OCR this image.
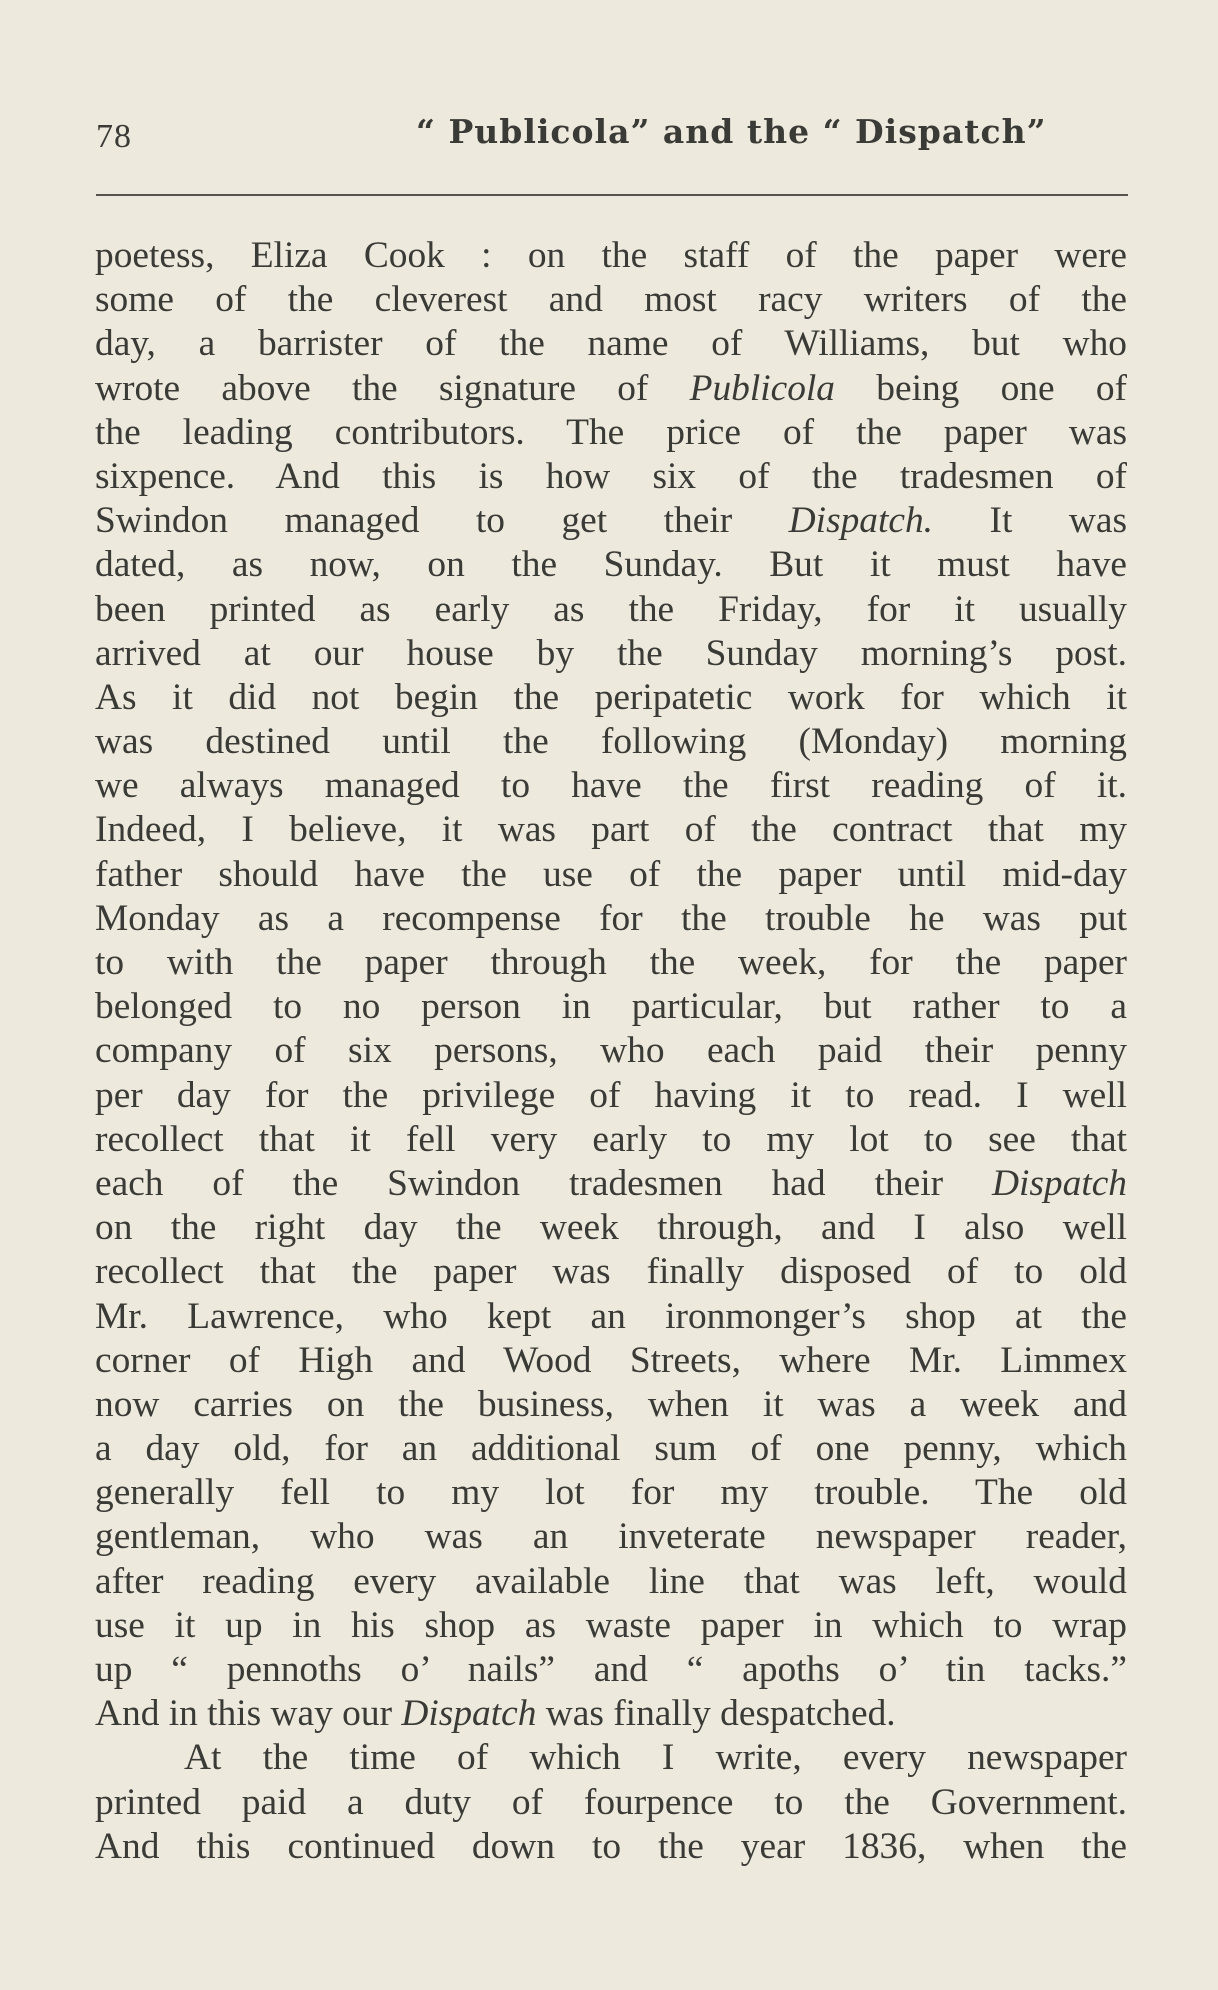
78	“ Publicola” and the “ Dispatch”
poetess, Eliza Cook : on the staff of the paper were
some of the cleverest and most racy writers of the
day, a barrister of the name of Williams, but who
wrote above the signature of Publicola being one of
the leading contributors. The price of the paper was
sixpence. And this is how six of the tradesmen of
Swindon managed to get their Dispatch. It was
dated, as now, on the Sunday. But it must have
been printed as early as the Friday, for it usually
arrived at our house by the Sunday morning’s post.
As it did not begin the peripatetic work for which it
was destined until the following (Monday) morning
we always managed to have the first reading of it.
Indeed, I believe, it was part of the contract that my
father should have the use of the paper until mid-day
Monday as a recompense for the trouble he was put
to with the paper through the week, for the paper
belonged to no person in particular, but rather to a
company of six persons, who each paid their penny
per day for the privilege of having it to read. I well
recollect that it fell very early to my lot to see that
each of the Swindon tradesmen had their Dispatch
on the right day the week through, and I also well
recollect that the paper was finally disposed of to old
Mr. Lawrence, who kept an ironmonger’s shop at the
corner of High and Wood Streets, where Mr. Limmex
now carries on the business, when it was a week and
a day old, for an additional sum of one penny, which
generally fell to my lot for my trouble. The old
gentleman, who was an inveterate newspaper reader,
after reading every available line that was left, would
use it up in his shop as waste paper in which to wrap
up “ pennoths o’ nails” and “ apoths o’ tin tacks.”
And in this way our Dispatch was finally despatched.
At the time of which I write, every newspaper
printed paid a duty of fourpence to the Government.
And this continued down to the year 1836, when the
